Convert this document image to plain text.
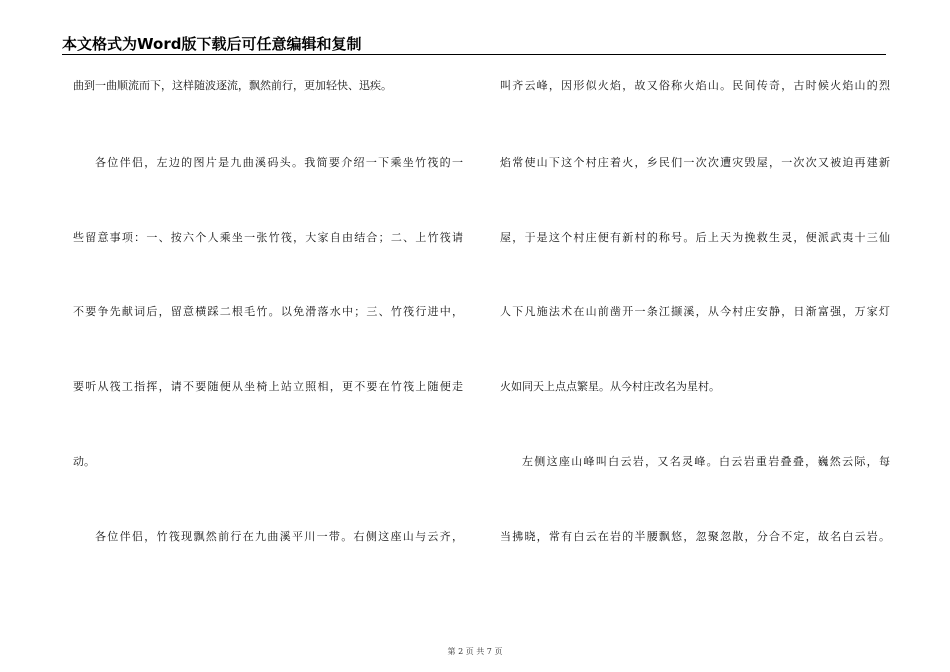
本文格式为Word版下载后可任意编辑和复制
曲到一曲顺流而下，这样随波逐流，飘然前行，更加轻快、迅疾。
各位伴侣，左边的图片是九曲溪码头。我简要介绍一下乘坐竹筏的一
些留意事项：一、按六个人乘坐一张竹筏，大家自由结合；二、上竹筏请
不要争先献词后，留意横踩二根毛竹。以免滑落水中；三、竹筏行进中，
要听从筏工指挥，请不要随便从坐椅上站立照相，更不要在竹筏上随便走
动。
各位伴侣，竹筏现飘然前行在九曲溪平川一带。右侧这座山与云齐，
叫齐云峰，因形似火焰，故又俗称火焰山。民间传奇，古时候火焰山的烈
焰常使山下这个村庄着火，乡民们一次次遭灾毁屋，一次次又被迫再建新
屋，于是这个村庄便有新村的称号。后上天为挽救生灵，便派武夷十三仙
人下凡施法术在山前凿开一条江撷溪，从今村庄安静，日渐富强，万家灯
火如同天上点点繁星。从今村庄改名为星村。
左侧这座山峰叫白云岩，又名灵峰。白云岩重岩叠叠，巍然云际，每
当拂晓，常有白云在岩的半腰飘悠，忽聚忽散，分合不定，故名白云岩。
第 2 页 共 7 页
